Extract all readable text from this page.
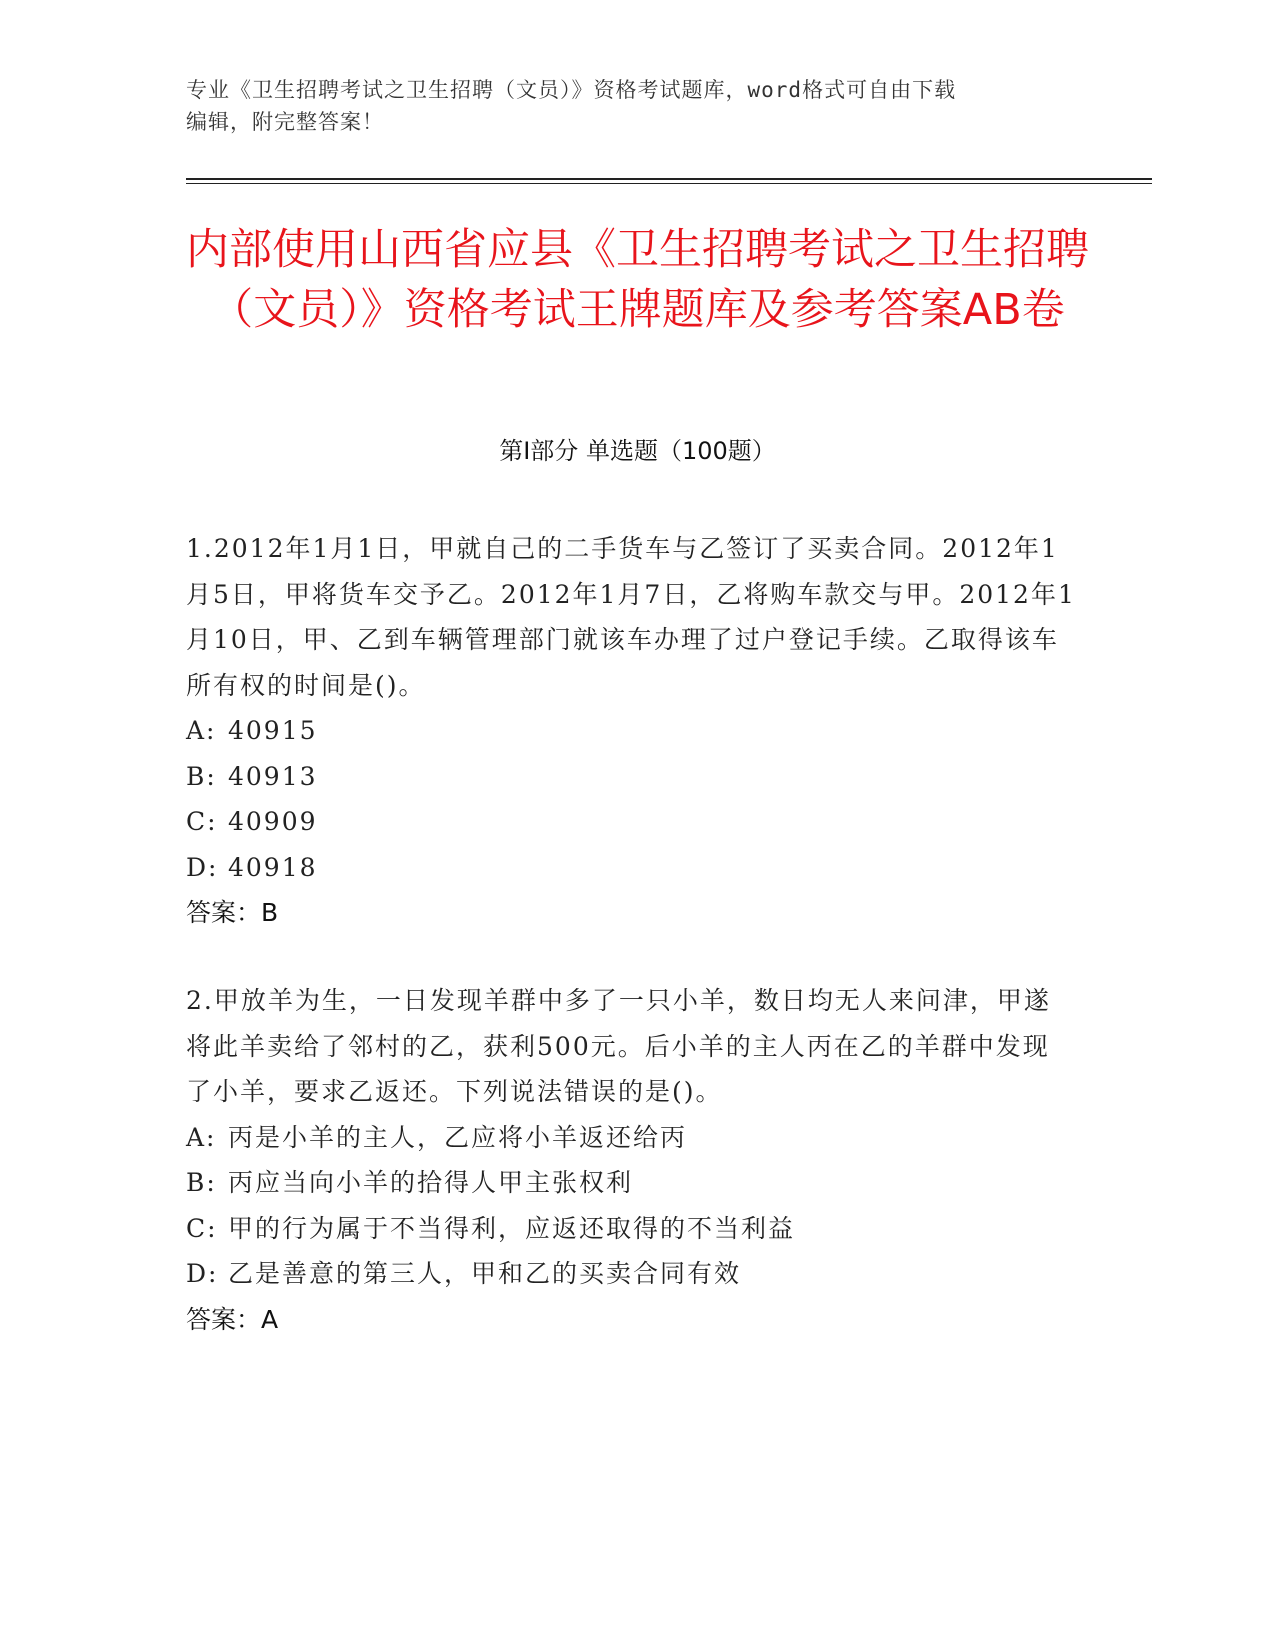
专业《卫生招聘考试之卫生招聘（文员）》资格考试题库，word格式可自由下载
编辑，附完整答案！
内部使用山西省应县《卫生招聘考试之卫生招聘（文员）》资格考试王牌题库及参考答案AB卷
第Ⅰ部分 单选题（100题）

1.2012年1月1日，甲就自己的二手货车与乙签订了买卖合同。2012年1月5日，甲将货车交予乙。2012年1月7日，乙将购车款交与甲。2012年1月10日，甲、乙到车辆管理部门就该车办理了过户登记手续。乙取得该车所有权的时间是()。

A: 40915
B: 40913
C: 40909
D: 40918
答案：B

2.甲放羊为生，一日发现羊群中多了一只小羊，数日均无人来问津，甲遂将此羊卖给了邻村的乙，获利500元。后小羊的主人丙在乙的羊群中发现了小羊，要求乙返还。下列说法错误的是()。

A: 丙是小羊的主人，乙应将小羊返还给丙
B: 丙应当向小羊的拾得人甲主张权利
C: 甲的行为属于不当得利，应返还取得的不当利益
D: 乙是善意的第三人，甲和乙的买卖合同有效
答案：A
